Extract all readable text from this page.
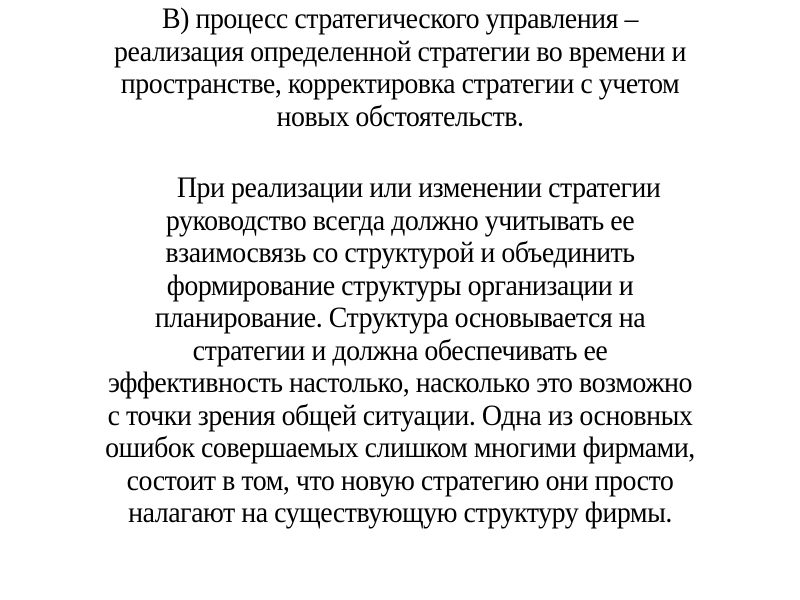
В) процесс стратегического управления –
реализация определенной стратегии во времени и
пространстве, корректировка стратегии с учетом
новых обстоятельств.
При реализации или изменении стратегии
руководство всегда должно учитывать ее
взаимосвязь со структурой и объединить
формирование структуры организации и
планирование. Структура основывается на
стратегии и должна обеспечивать ее
эффективность настолько, насколько это возможно
с точки зрения общей ситуации. Одна из основных
ошибок совершаемых слишком многими фирмами,
состоит в том, что новую стратегию они просто
налагают на существующую структуру фирмы.
